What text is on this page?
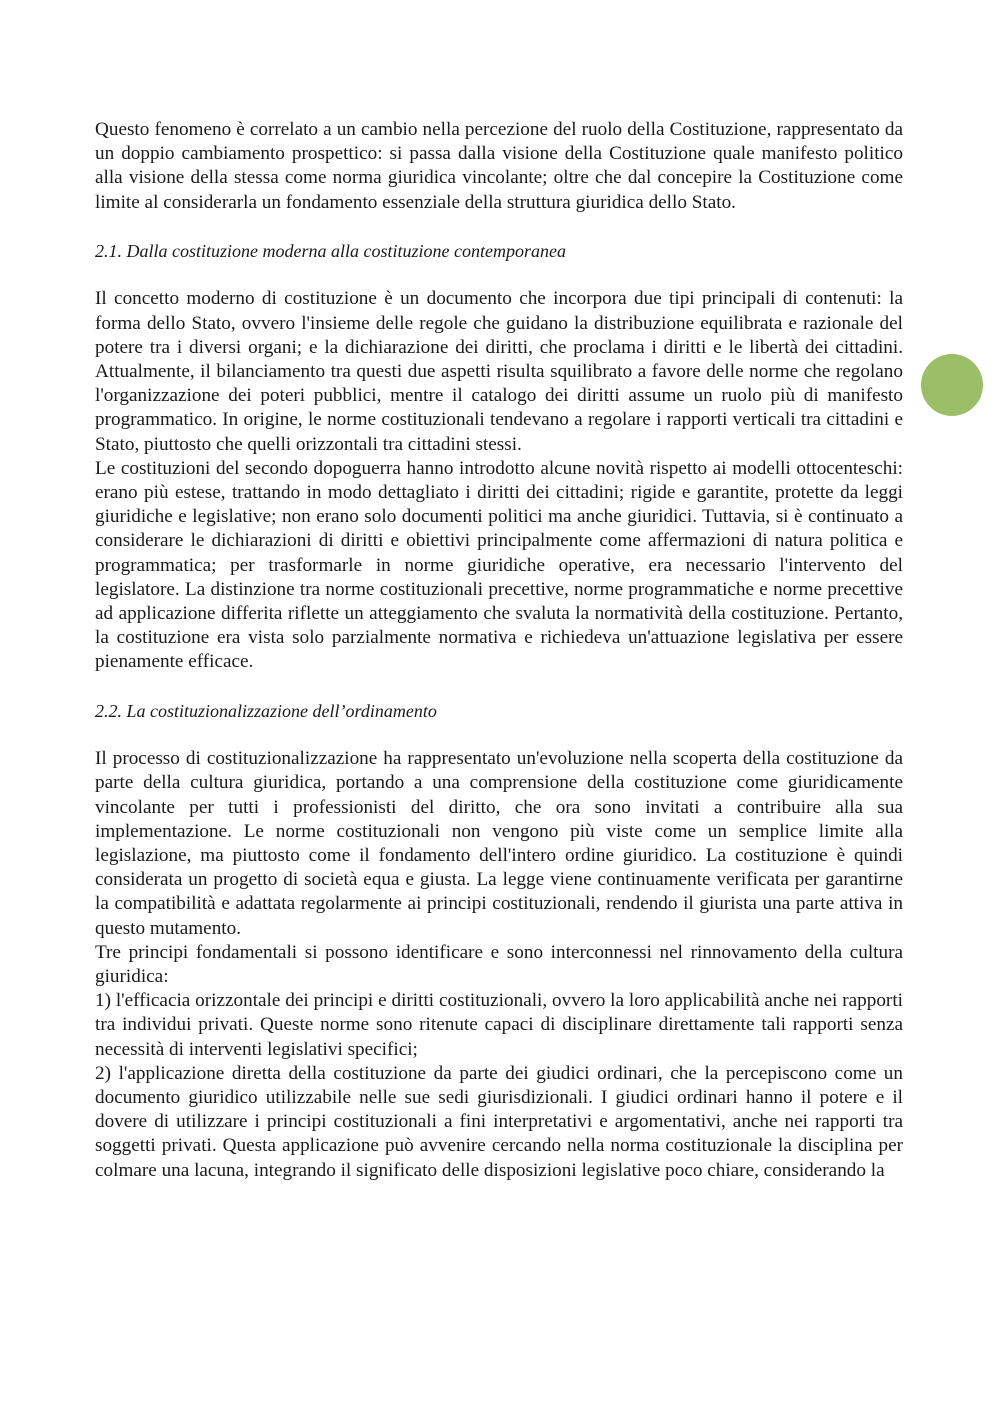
Questo fenomeno è correlato a un cambio nella percezione del ruolo della Costituzione, rappresentato da un doppio cambiamento prospettico: si passa dalla visione della Costituzione quale manifesto politico alla visione della stessa come norma giuridica vincolante; oltre che dal concepire la Costituzione come limite al considerarla un fondamento essenziale della struttura giuridica dello Stato.

2.1. Dalla costituzione moderna alla costituzione contemporanea

Il concetto moderno di costituzione è un documento che incorpora due tipi principali di contenuti: la forma dello Stato, ovvero l'insieme delle regole che guidano la distribuzione equilibrata e razionale del potere tra i diversi organi; e la dichiarazione dei diritti, che proclama i diritti e le libertà dei cittadini. Attualmente, il bilanciamento tra questi due aspetti risulta squilibrato a favore delle norme che regolano l'organizzazione dei poteri pubblici, mentre il catalogo dei diritti assume un ruolo più di manifesto programmatico. In origine, le norme costituzionali tendevano a regolare i rapporti verticali tra cittadini e Stato, piuttosto che quelli orizzontali tra cittadini stessi.

Le costituzioni del secondo dopoguerra hanno introdotto alcune novità rispetto ai modelli ottocenteschi: erano più estese, trattando in modo dettagliato i diritti dei cittadini; rigide e garantite, protette da leggi giuridiche e legislative; non erano solo documenti politici ma anche giuridici. Tuttavia, si è continuato a considerare le dichiarazioni di diritti e obiettivi principalmente come affermazioni di natura politica e programmatica; per trasformarle in norme giuridiche operative, era necessario l'intervento del legislatore. La distinzione tra norme costituzionali precettive, norme programmatiche e norme precettive ad applicazione differita riflette un atteggiamento che svaluta la normatività della costituzione. Pertanto, la costituzione era vista solo parzialmente normativa e richiedeva un'attuazione legislativa per essere pienamente efficace.

2.2. La costituzionalizzazione dell’ordinamento

Il processo di costituzionalizzazione ha rappresentato un'evoluzione nella scoperta della costituzione da parte della cultura giuridica, portando a una comprensione della costituzione come giuridicamente vincolante per tutti i professionisti del diritto, che ora sono invitati a contribuire alla sua implementazione. Le norme costituzionali non vengono più viste come un semplice limite alla legislazione, ma piuttosto come il fondamento dell'intero ordine giuridico. La costituzione è quindi considerata un progetto di società equa e giusta. La legge viene continuamente verificata per garantirne la compatibilità e adattata regolarmente ai principi costituzionali, rendendo il giurista una parte attiva in questo mutamento.

Tre principi fondamentali si possono identificare e sono interconnessi nel rinnovamento della cultura giuridica:

1) l'efficacia orizzontale dei principi e diritti costituzionali, ovvero la loro applicabilità anche nei rapporti tra individui privati. Queste norme sono ritenute capaci di disciplinare direttamente tali rapporti senza necessità di interventi legislativi specifici;

2) l'applicazione diretta della costituzione da parte dei giudici ordinari, che la percepiscono come un documento giuridico utilizzabile nelle sue sedi giurisdizionali. I giudici ordinari hanno il potere e il dovere di utilizzare i principi costituzionali a fini interpretativi e argomentativi, anche nei rapporti tra soggetti privati. Questa applicazione può avvenire cercando nella norma costituzionale la disciplina per colmare una lacuna, integrando il significato delle disposizioni legislative poco chiare, considerando la
